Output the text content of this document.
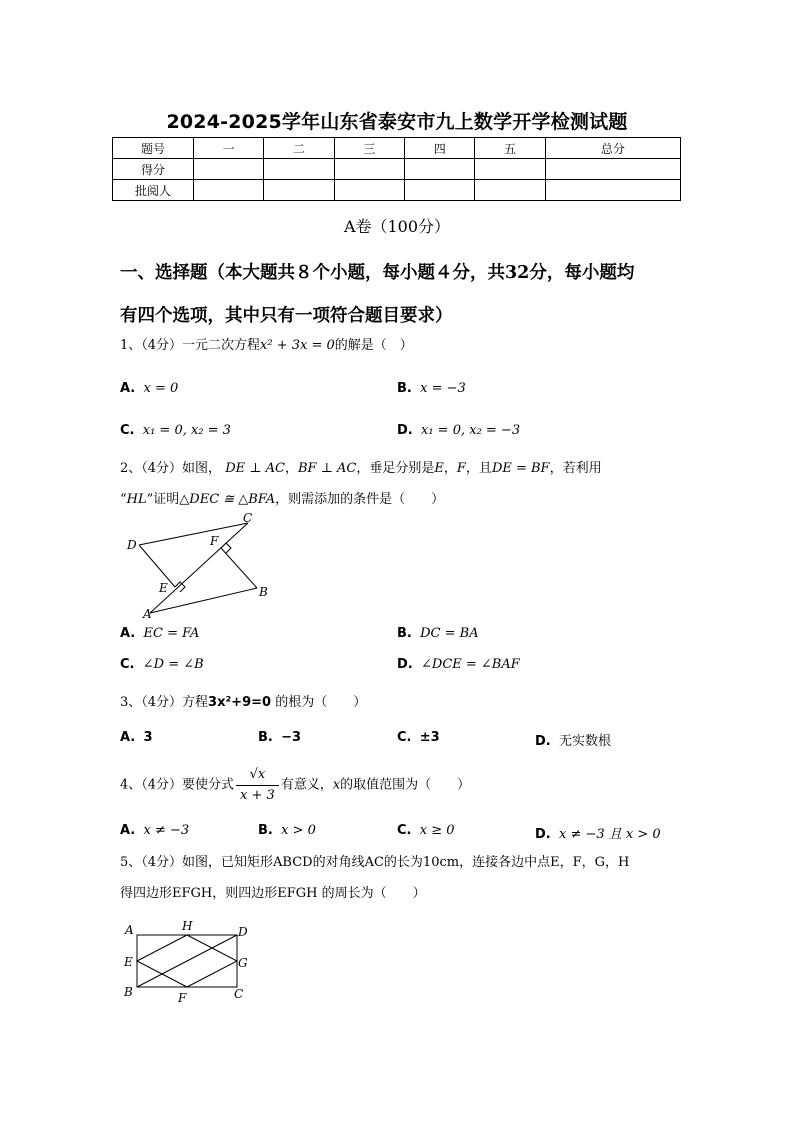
2024-2025学年山东省泰安市九上数学开学检测试题
题号	一	二	三	四	五	总分
得分						
批阅人						
A卷（100分）
一、选择题（本大题共８个小题，每小题４分，共32分，每小题均
有四个选项，其中只有一项符合题目要求）
1、（4分）一元二次方程x² + 3x = 0的解是（　）
A. x = 0	B. x = −3
C. x₁ = 0, x₂ = 3	D. x₁ = 0, x₂ = −3
2、（4分）如图， DE ⊥ AC，BF ⊥ AC，垂足分别是E，F，且DE = BF，若利用
“HL”证明△DEC ≅ △BFA，则需添加的条件是（　　）
C
D	F
E	B
A
A. EC = FA	B. DC = BA
C. ∠D = ∠B	D. ∠DCE = ∠BAF
3、（4分）方程3x²+9=0 的根为（　　）
A. 3	B. −3	C. ±3	D. 无实数根
4、（4分）要使分式 $\frac{√x}{x + 3}$ 有意义，x的取值范围为（　　）
A. x ≠ −3	B. x > 0	C. x ≥ 0	D. x ≠ −3 且 x > 0
5、（4分）如图，已知矩形ABCD的对角线AC的长为10cm，连接各边中点E，F，G，H
得四边形EFGH，则四边形EFGH 的周长为（　　）
A	H	D
E	G
B	F	C
